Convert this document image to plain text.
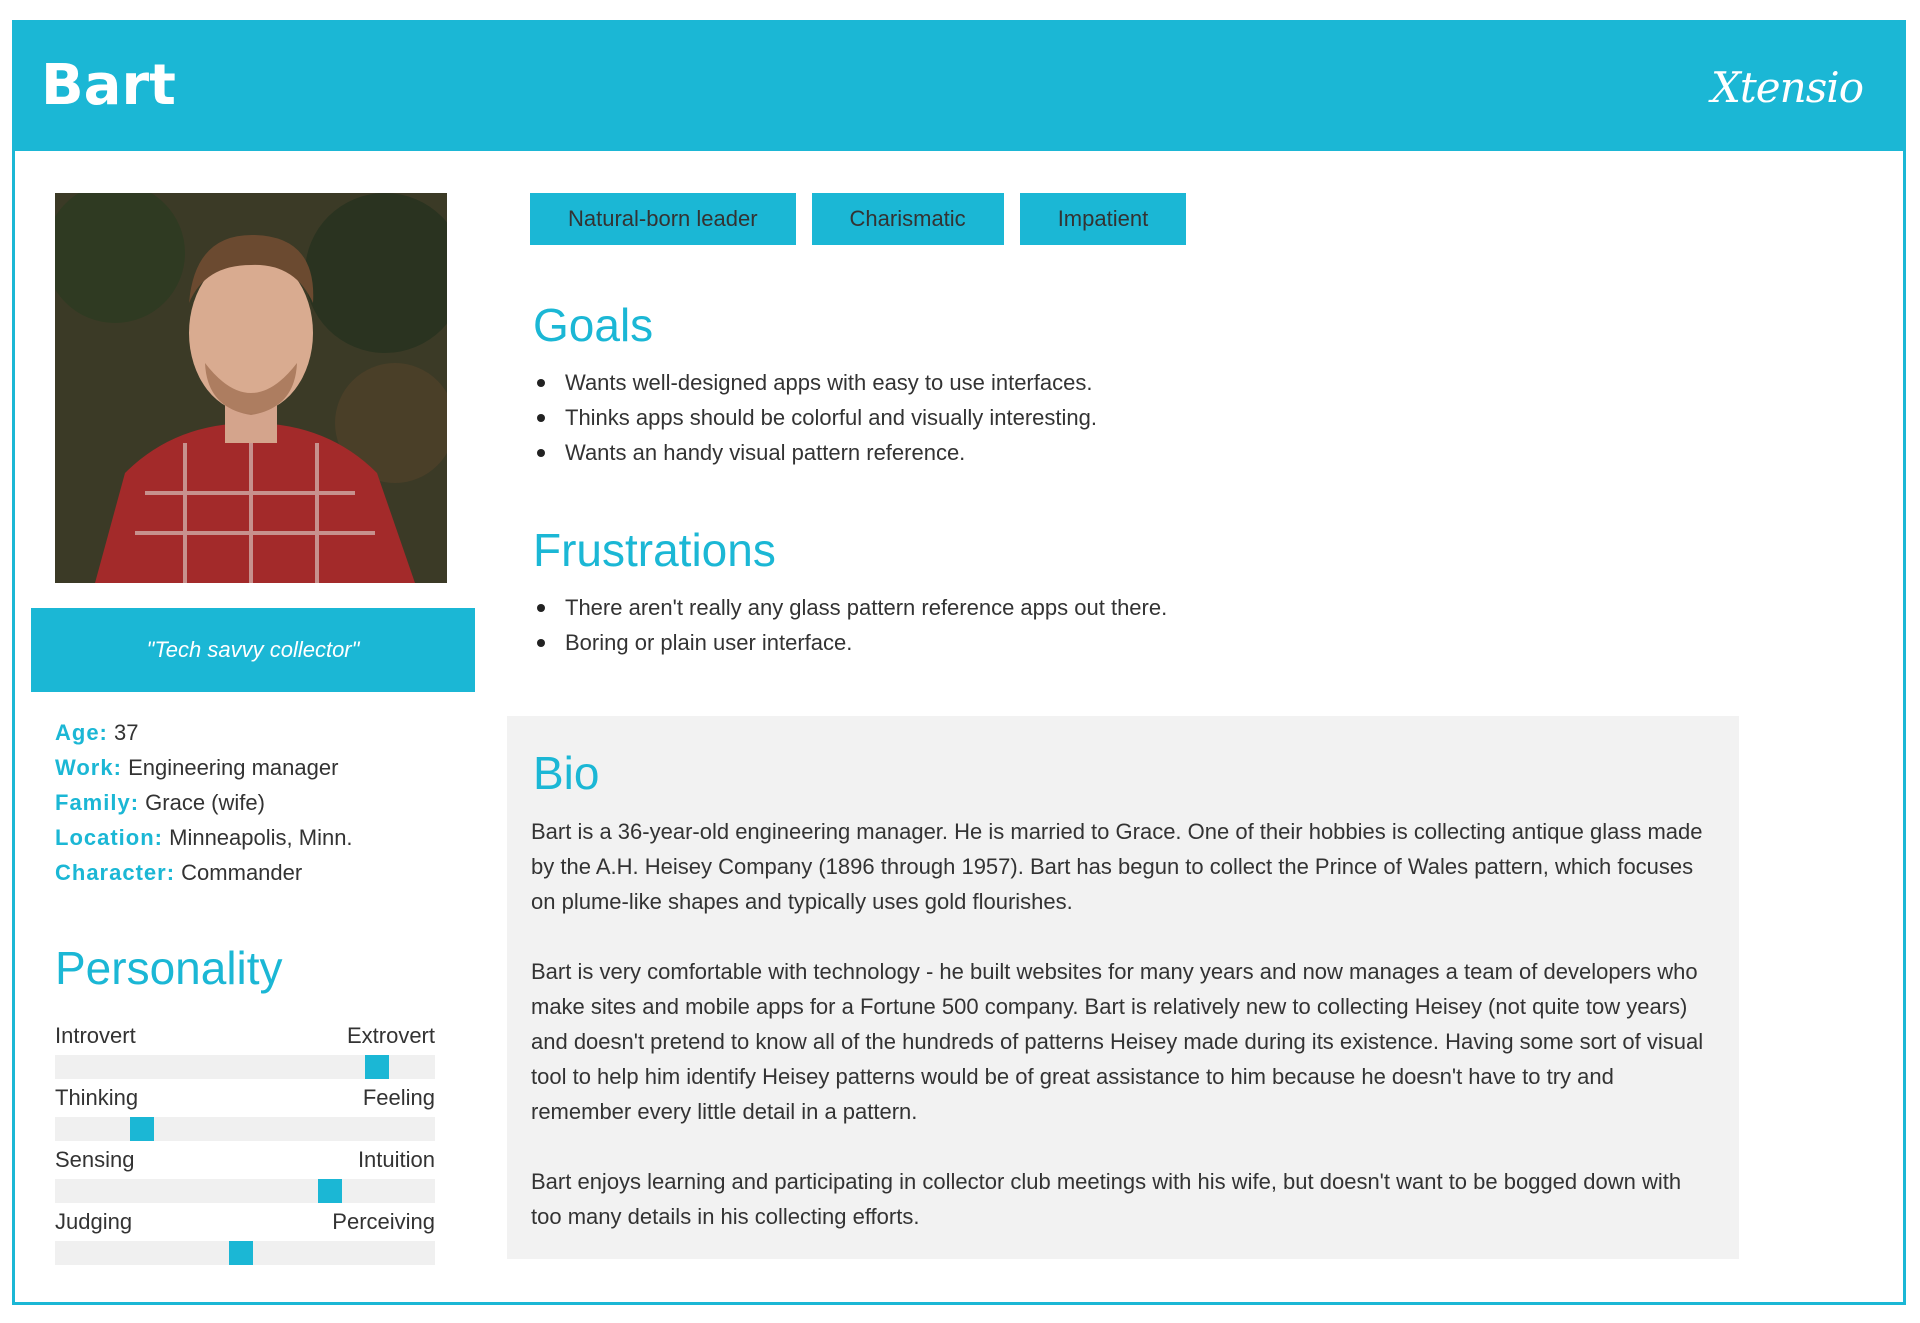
Bart	Xtensio
"Tech savvy collector"
Age: 37
Work: Engineering manager
Family: Grace (wife)
Location: Minneapolis, Minn.
Character: Commander
Personality
Introvert	Extrovert
Thinking	Feeling
Sensing	Intuition
Judging	Perceiving
Natural-born leader	Charismatic	Impatient
Goals
Wants well-designed apps with easy to use interfaces.
Thinks apps should be colorful and visually interesting.
Wants an handy visual pattern reference.
Frustrations
There aren't really any glass pattern reference apps out there.
Boring or plain user interface.
Bio

Bart is a 36-year-old engineering manager. He is married to Grace. One of their hobbies is collecting antique glass made by the A.H. Heisey Company (1896 through 1957). Bart has begun to collect the Prince of Wales pattern, which focuses on plume-like shapes and typically uses gold flourishes.

Bart is very comfortable with technology - he built websites for many years and now manages a team of developers who make sites and mobile apps for a Fortune 500 company. Bart is relatively new to collecting Heisey (not quite tow years) and doesn't pretend to know all of the hundreds of patterns Heisey made during its existence. Having some sort of visual tool to help him identify Heisey patterns would be of great assistance to him because he doesn't have to try and remember every little detail in a pattern.

Bart enjoys learning and participating in collector club meetings with his wife, but doesn't want to be bogged down with too many details in his collecting efforts.
